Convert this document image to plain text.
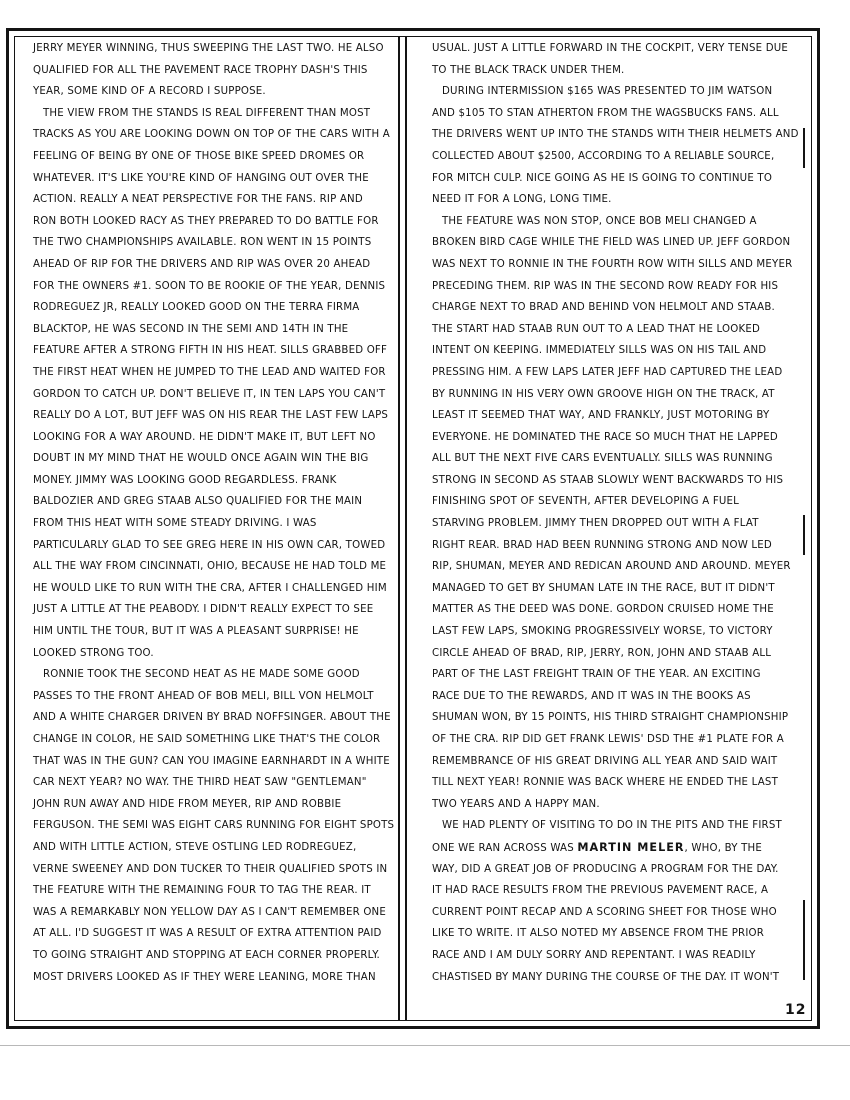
JERRY MEYER WINNING, THUS SWEEPING THE LAST TWO. HE ALSO
QUALIFIED FOR ALL THE PAVEMENT RACE TROPHY DASH'S THIS
YEAR, SOME KIND OF A RECORD I SUPPOSE.
THE VIEW FROM THE STANDS IS REAL DIFFERENT THAN MOST
TRACKS AS YOU ARE LOOKING DOWN ON TOP OF THE CARS WITH A
FEELING OF BEING BY ONE OF THOSE BIKE SPEED DROMES OR
WHATEVER. IT'S LIKE YOU'RE KIND OF HANGING OUT OVER THE
ACTION. REALLY A NEAT PERSPECTIVE FOR THE FANS. RIP AND
RON BOTH LOOKED RACY AS THEY PREPARED TO DO BATTLE FOR
THE TWO CHAMPIONSHIPS AVAILABLE. RON WENT IN 15 POINTS
AHEAD OF RIP FOR THE DRIVERS AND RIP WAS OVER 20 AHEAD
FOR THE OWNERS #1. SOON TO BE ROOKIE OF THE YEAR, DENNIS
RODREGUEZ JR, REALLY LOOKED GOOD ON THE TERRA FIRMA
BLACKTOP, HE WAS SECOND IN THE SEMI AND 14TH IN THE
FEATURE AFTER A STRONG FIFTH IN HIS HEAT. SILLS GRABBED OFF
THE FIRST HEAT WHEN HE JUMPED TO THE LEAD AND WAITED FOR
GORDON TO CATCH UP. DON'T BELIEVE IT, IN TEN LAPS YOU CAN'T
REALLY DO A LOT, BUT JEFF WAS ON HIS REAR THE LAST FEW LAPS
LOOKING FOR A WAY AROUND. HE DIDN'T MAKE IT, BUT LEFT NO
DOUBT IN MY MIND THAT HE WOULD ONCE AGAIN WIN THE BIG
MONEY. JIMMY WAS LOOKING GOOD REGARDLESS. FRANK
BALDOZIER AND GREG STAAB ALSO QUALIFIED FOR THE MAIN
FROM THIS HEAT WITH SOME STEADY DRIVING. I WAS
PARTICULARLY GLAD TO SEE GREG HERE IN HIS OWN CAR, TOWED
ALL THE WAY FROM CINCINNATI, OHIO, BECAUSE HE HAD TOLD ME
HE WOULD LIKE TO RUN WITH THE CRA, AFTER I CHALLENGED HIM
JUST A LITTLE AT THE PEABODY. I DIDN'T REALLY EXPECT TO SEE
HIM UNTIL THE TOUR, BUT IT WAS A PLEASANT SURPRISE! HE
LOOKED STRONG TOO.
RONNIE TOOK THE SECOND HEAT AS HE MADE SOME GOOD
PASSES TO THE FRONT AHEAD OF BOB MELI, BILL VON HELMOLT
AND A WHITE CHARGER DRIVEN BY BRAD NOFFSINGER. ABOUT THE
CHANGE IN COLOR, HE SAID SOMETHING LIKE THAT'S THE COLOR
THAT WAS IN THE GUN? CAN YOU IMAGINE EARNHARDT IN A WHITE
CAR NEXT YEAR? NO WAY. THE THIRD HEAT SAW "GENTLEMAN"
JOHN RUN AWAY AND HIDE FROM MEYER, RIP AND ROBBIE
FERGUSON. THE SEMI WAS EIGHT CARS RUNNING FOR EIGHT SPOTS
AND WITH LITTLE ACTION, STEVE OSTLING LED RODREGUEZ,
VERNE SWEENEY AND DON TUCKER TO THEIR QUALIFIED SPOTS IN
THE FEATURE WITH THE REMAINING FOUR TO TAG THE REAR. IT
WAS A REMARKABLY NON YELLOW DAY AS I CAN'T REMEMBER ONE
AT ALL. I'D SUGGEST IT WAS A RESULT OF EXTRA ATTENTION PAID
TO GOING STRAIGHT AND STOPPING AT EACH CORNER PROPERLY.
MOST DRIVERS LOOKED AS IF THEY WERE LEANING, MORE THAN
USUAL. JUST A LITTLE FORWARD IN THE COCKPIT, VERY TENSE DUE
TO THE BLACK TRACK UNDER THEM.
DURING INTERMISSION $165 WAS PRESENTED TO JIM WATSON
AND $105 TO STAN ATHERTON FROM THE WAGSBUCKS FANS. ALL
THE DRIVERS WENT UP INTO THE STANDS WITH THEIR HELMETS AND
COLLECTED ABOUT $2500, ACCORDING TO A RELIABLE SOURCE,
FOR MITCH CULP. NICE GOING AS HE IS GOING TO CONTINUE TO
NEED IT FOR A LONG, LONG TIME.
THE FEATURE WAS NON STOP, ONCE BOB MELI CHANGED A
BROKEN BIRD CAGE WHILE THE FIELD WAS LINED UP. JEFF GORDON
WAS NEXT TO RONNIE IN THE FOURTH ROW WITH SILLS AND MEYER
PRECEDING THEM. RIP WAS IN THE SECOND ROW READY FOR HIS
CHARGE NEXT TO BRAD AND BEHIND VON HELMOLT AND STAAB.
THE START HAD STAAB RUN OUT TO A LEAD THAT HE LOOKED
INTENT ON KEEPING. IMMEDIATELY SILLS WAS ON HIS TAIL AND
PRESSING HIM. A FEW LAPS LATER JEFF HAD CAPTURED THE LEAD
BY RUNNING IN HIS VERY OWN GROOVE HIGH ON THE TRACK, AT
LEAST IT SEEMED THAT WAY, AND FRANKLY, JUST MOTORING BY
EVERYONE. HE DOMINATED THE RACE SO MUCH THAT HE LAPPED
ALL BUT THE NEXT FIVE CARS EVENTUALLY. SILLS WAS RUNNING
STRONG IN SECOND AS STAAB SLOWLY WENT BACKWARDS TO HIS
FINISHING SPOT OF SEVENTH, AFTER DEVELOPING A FUEL
STARVING PROBLEM. JIMMY THEN DROPPED OUT WITH A FLAT
RIGHT REAR. BRAD HAD BEEN RUNNING STRONG AND NOW LED
RIP, SHUMAN, MEYER AND REDICAN AROUND AND AROUND. MEYER
MANAGED TO GET BY SHUMAN LATE IN THE RACE, BUT IT DIDN'T
MATTER AS THE DEED WAS DONE. GORDON CRUISED HOME THE
LAST FEW LAPS, SMOKING PROGRESSIVELY WORSE, TO VICTORY
CIRCLE AHEAD OF BRAD, RIP, JERRY, RON, JOHN AND STAAB ALL
PART OF THE LAST FREIGHT TRAIN OF THE YEAR. AN EXCITING
RACE DUE TO THE REWARDS, AND IT WAS IN THE BOOKS AS
SHUMAN WON, BY 15 POINTS, HIS THIRD STRAIGHT CHAMPIONSHIP
OF THE CRA. RIP DID GET FRANK LEWIS' DSD THE #1 PLATE FOR A
REMEMBRANCE OF HIS GREAT DRIVING ALL YEAR AND SAID WAIT
TILL NEXT YEAR! RONNIE WAS BACK WHERE HE ENDED THE LAST
TWO YEARS AND A HAPPY MAN.
WE HAD PLENTY OF VISITING TO DO IN THE PITS AND THE FIRST
ONE WE RAN ACROSS WAS MARTIN MELER, WHO, BY THE
WAY, DID A GREAT JOB OF PRODUCING A PROGRAM FOR THE DAY.
IT HAD RACE RESULTS FROM THE PREVIOUS PAVEMENT RACE, A
CURRENT POINT RECAP AND A SCORING SHEET FOR THOSE WHO
LIKE TO WRITE. IT ALSO NOTED MY ABSENCE FROM THE PRIOR
RACE AND I AM DULY SORRY AND REPENTANT. I WAS READILY
CHASTISED BY MANY DURING THE COURSE OF THE DAY. IT WON'T
12
